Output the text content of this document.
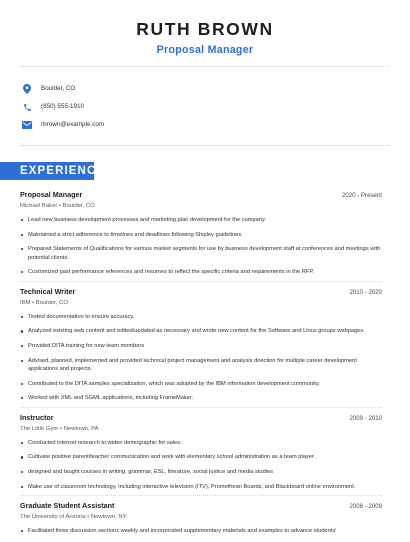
RUTH BROWN
Proposal Manager
Boulder, CO
(850) 555-1910
rbrown@example.com
EXPERIENCE
Proposal Manager	2020 - Present
Michael Baker • Boulder, CO
Lead new business development processes and marketing plan development for the company.
Maintained a strict adherence to timelines and deadlines following Shipley guidelines.
Prepared Statements of Qualifications for various market segments for use by business development staff at conferences and meetings with potential clients.
Customized past performance references and resumes to reflect the specific criteria and requirements in the RFP.
Technical Writer	2010 - 2020
IBM • Boulder, CO
Tested documentation to ensure accuracy.
Analyzed existing web content and edited/updated as necessary and wrote new content for the Software and Linux groups webpages.
Provided DITA training for new team members
Advised, planned, implemented and provided technical project management and analysis direction for multiple career development applications and projects.
Contributed to the DITA samples specialization, which was adopted by the IBM information development community.
Worked with XML and SGML applications, including FrameMaker.
Instructor	2009 - 2010
The Little Gym • Newtown, PA
Conducted internet research to widen demographic for sales.
Cultivate positive parent/teacher communication and work with elementary school administration as a team player.
designed and taught courses in writing, grammar, ESL, literature, social justice and media studies
Make use of classroom technology, including interactive television (ITV), Promethean Boards, and Blackboard online environment.
Graduate Student Assistant	2008 - 2009
The University of Arizona • Newtown, NY
Facilitated three discussion sections weekly and incorporated supplementary materials and examples to advance students'
